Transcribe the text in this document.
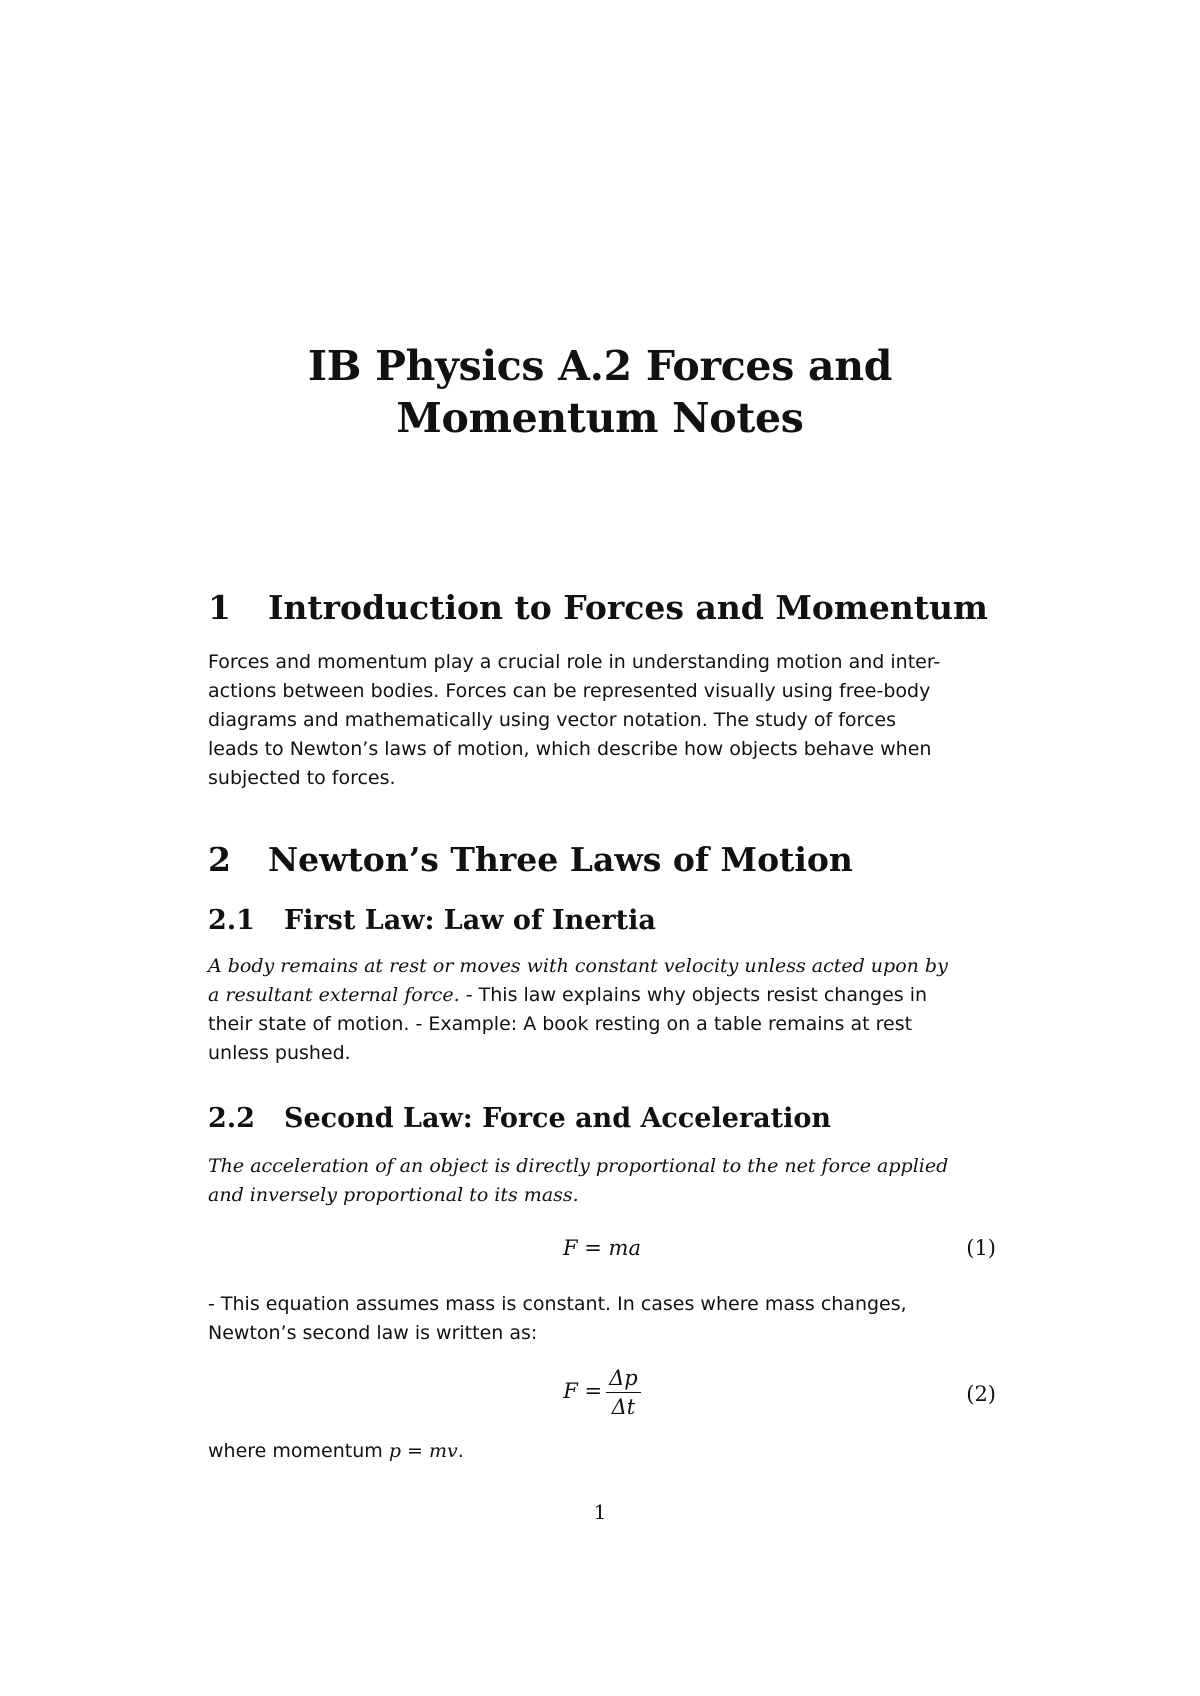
IB Physics A.2 Forces and
Momentum Notes
1 Introduction to Forces and Momentum
Forces and momentum play a crucial role in understanding motion and inter-
actions between bodies. Forces can be represented visually using free-body
diagrams and mathematically using vector notation. The study of forces
leads to Newton’s laws of motion, which describe how objects behave when
subjected to forces.
2 Newton’s Three Laws of Motion
2.1 First Law: Law of Inertia
A body remains at rest or moves with constant velocity unless acted upon by
a resultant external force. - This law explains why objects resist changes in
their state of motion. - Example: A book resting on a table remains at rest
unless pushed.
2.2 Second Law: Force and Acceleration
The acceleration of an object is directly proportional to the net force applied
and inversely proportional to its mass.
F = ma	(1)
- This equation assumes mass is constant. In cases where mass changes,
Newton’s second law is written as:
$F = \frac{\Delta p}{\Delta t}$	(2)
where momentum p = mv.
1
